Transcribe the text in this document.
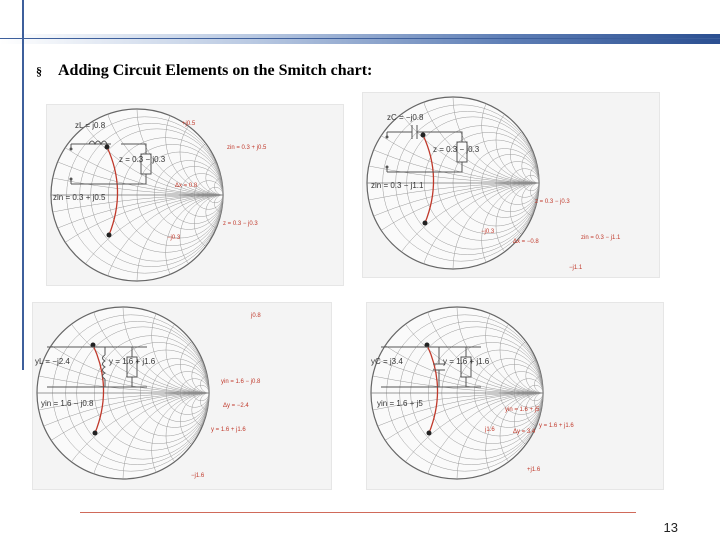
§ Adding Circuit Elements on the Smitch chart:
zL = j0.8
z = 0.3 − j0.3
zin = 0.3 + j0.5
+j0.5
zin = 0.3 + j0.5
Δx = 0.8
z = 0.3 − j0.3
−j0.3
zC = −j0.8
z = 0.3 − j0.3
zin = 0.3 − j1.1
z = 0.3 − j0.3
−j0.3
Δx = −0.8
zin = 0.3 − j1.1
−j1.1
yL = −j2.4	y = 1.6 + j1.6
yin = 1.6 − j0.8
j0.8
yin = 1.6 − j0.8
Δy = −2.4
y = 1.6 + j1.6
−j1.6
yC = j3.4	y = 1.6 + j1.6
yin = 1.6 + j5
yin = 1.6 + j5
Δy = 3.4
y = 1.6 + j1.6
j1.6
+j1.6
13
